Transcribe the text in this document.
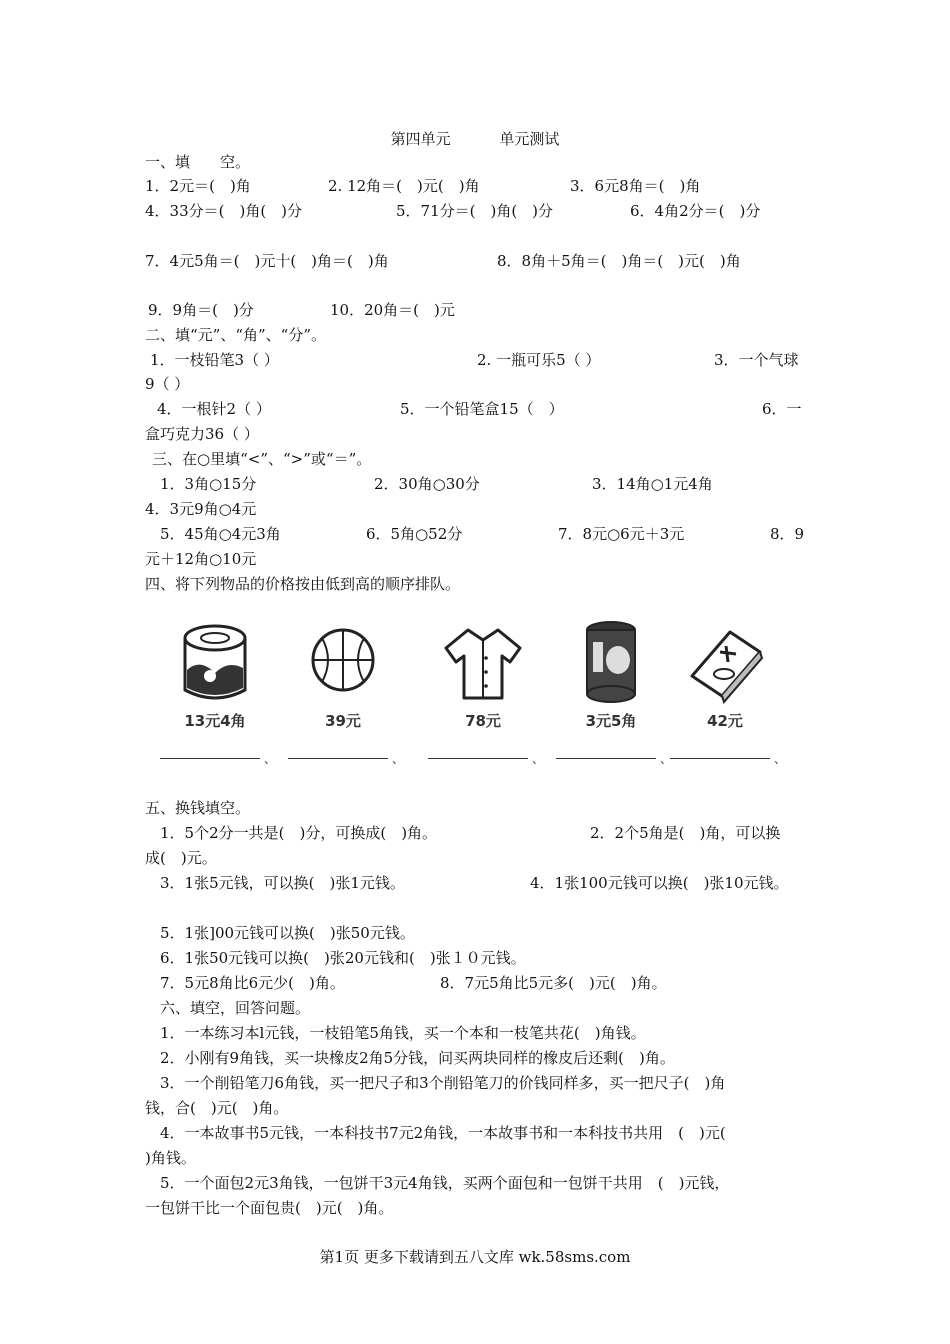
第四单元	单元测试
一、填　　空。
1．2元＝(　)角	2. 12角＝(　)元(　)角	3．6元8角＝(　)角
4．33分＝(　)角(　)分	5．71分＝(　)角(　)分	6．4角2分＝(　)分
7．4元5角＝(　)元十(　)角＝(　)角	8．8角＋5角＝(　)角＝(　)元(　)角
9．9角＝(　)分	10．20角＝(　)元
二、填“元”、“角”、“分”。
1．一枝铅笔3（ ）	2. 一瓶可乐5（ ）	3．一个气球
9（ ）
4．一根针2（ ）	5．一个铅笔盒15（　）	6．一
盒巧克力36（ ）
三、在○里填“<”、“>”或“＝”。
1．3角○15分	2．30角○30分	3．14角○1元4角
4．3元9角○4元
5．45角○4元3角	6．5角○52分	7．8元○6元＋3元	8．9
元＋12角○10元
四、将下列物品的价格按由低到高的顺序排队。
13元4角
、
39元
、
78元
、
3元5角
、
42元
、
五、换钱填空。
1．5个2分一共是(　)分，可换成(　)角。	2．2个5角是(　)角，可以换
成(　)元。
3．1张5元钱，可以换(　)张1元钱。	4．1张100元钱可以换(　)张10元钱。
5．1张]00元钱可以换(　)张50元钱。
6．1张50元钱可以换(　)张20元钱和(　)张１０元钱。
7．5元8角比6元少(　)角。	8．7元5角比5元多(　)元(　)角。
六、填空，回答问题。
1．一本练习本l元钱，一枝铅笔5角钱，买一个本和一枝笔共花(　)角钱。
2．小刚有9角钱，买一块橡皮2角5分钱，问买两块同样的橡皮后还剩(　)角。
3．一个削铅笔刀6角钱，买一把尺子和3个削铅笔刀的价钱同样多，买一把尺子(　)角
钱，合(　)元(　)角。
4．一本故事书5元钱，一本科技书7元2角钱，一本故事书和一本科技书共用　(　)元(
)角钱。
5．一个面包2元3角钱，一包饼干3元4角钱，买两个面包和一包饼干共用　(　)元钱，
一包饼干比一个面包贵(　)元(　)角。
第1页 更多下载请到五八文库 wk.58sms.com
